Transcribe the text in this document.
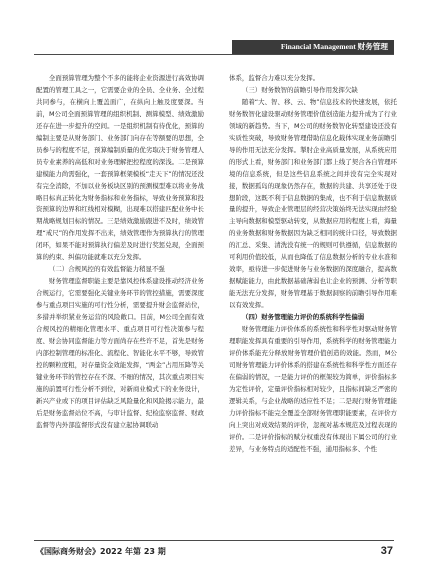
Financial Management 财务管理

全面预算管理为整个不多的能将企业资源进行高效协调配置的管理工具之一，它需要企业的全员、全业务、全过程共同参与，在横向上覆盖面广，在纵向上触及度要深。当前，M公司全面预算管理的组织机制、测算模型、绩效激励还存在进一步提升的空间。一是组织机制有待优化，预算的编制主要是从财务部门、业务部门向存在等额要的思想，全员参与的程度不足，预算编制质量的优劣取决于财务管理人员专业素养的高低和对业务理解把控程度的深浅。二是预算建模能力尚需强化，一套预算框架模板“走天下”的情况还没有完全消除，不加以业务板块区别的预测模型难以将业务战略目标真正转化为财务指标和业务指标，导致业务预算和投资预算的边界和红线相对模糊，出现难以搭建匹配业务中长期战略规划目标的情况。三是绩效激励跟进不及时，绩效管理“戒尺”的作用发挥不出来，绩效管理作为预算执行的管理闭环，如果不能对预算执行偏差及时进行奖惩兑现，全面预算的约束、纠偏功能就难以充分发挥。

（二）合规风控的有效监督能力稍显不强

财务管理监督职能主要是靠风控体系建设推动经济业务合规运行，它需要强化关键业务环节的管控措施，需要深度参与重点项目实施的可行性分析，需要提升财会监督站位，多措并举织紧业务运营的风险敞口。目前，M公司全面有效合规风控的精细化管理水平、重点项目可行性决策参与程度、财会协同监督能力等方面尚存在些许不足，首先是财务内部控制管理的标准化、流程化、智能化水平不够，导致管控的颗粒度粗，对存量资金效能发挥，“两金”占用压降等关键业务环节的管控存在不深、不细的情况，其次重点项目实施的前置可行性分析不到位，对新商业模式下的业务设计，新兴产业或下的项目评估缺乏风险量化和风险揭示能力，最后是财务监督站位不高，与审计监督、纪检监察监督、财政监督等内外部监督形式没有建立起协调联动

体系，监督合力难以充分发挥。

（三）财务数智的前瞻引导作用发挥欠缺

随着“大、智、移、云、物”信息技术的快速发展，依托财务数智化建设驱动财务管理价值创造能力提升成为了行业领域的新趋势。当下，M公司的财务数智化转型建设还没有实质性突破，导致财务管理借助信息化载体实现业务前瞻引导的作用无法充分发挥。掣肘企业高质量发展，从系统应用的形式上看，财务部门和业务部门都上线了契合各自管理环境的信息系统，但是这些信息系统之间并没有完全实现对接，数据孤岛的现象仍然存在，数据的共建、共享还处于设想阶段，这既不利于信息数据的集成，也不利于信息数据质量的提升，导致企业管理层的经营决策始终无法实现由经验主导向数据和模型驱动转变，从数据应用的程度上看，海量的业务数据和财务数据因为缺乏相同的统计口径，导致数据的汇总、采集、清洗没有统一的规则可供遵循，信息数据的可利用价值较低，从而也降低了信息数据分析的专业水准和效率，亟待进一步促进财务与业务数据的深度融合，提高数据赋能能力，由此数据基础薄弱也让企业的预测、分析等职能无法充分发挥，财务管理基于数据洞察的前瞻引导作用难以有效发挥。

（四）财务管理能力评价的系统科学性偏弱

财务管理能力评价体系的系统性和科学性对驱动财务管理职能发挥具有重要的引导作用，系统科学的财务管理能力评价体系能充分释放财务管理价值创造的效能。然而，M公司财务管理能力评价体系的搭建在系统性和科学性方面还存在偏弱的情况，一是能力评价的框架较为简单，评价指标多为定性评价，定量评价指标相对较少，且指标间缺乏严密的逻辑关系，与企业战略的适应性不足；二是现行财务管理能力评价指标不能完全覆盖全部财务管理职能要素，在评价方向上突出对成效结果的评价，忽视对基本规范及过程表现的评价。二是评价指标的赋分权重没有体现出下属公司的行业差异，与业务特点的适配性不强，通用指标多、个性

《国际商务财会》2022 年第 23 期	37
